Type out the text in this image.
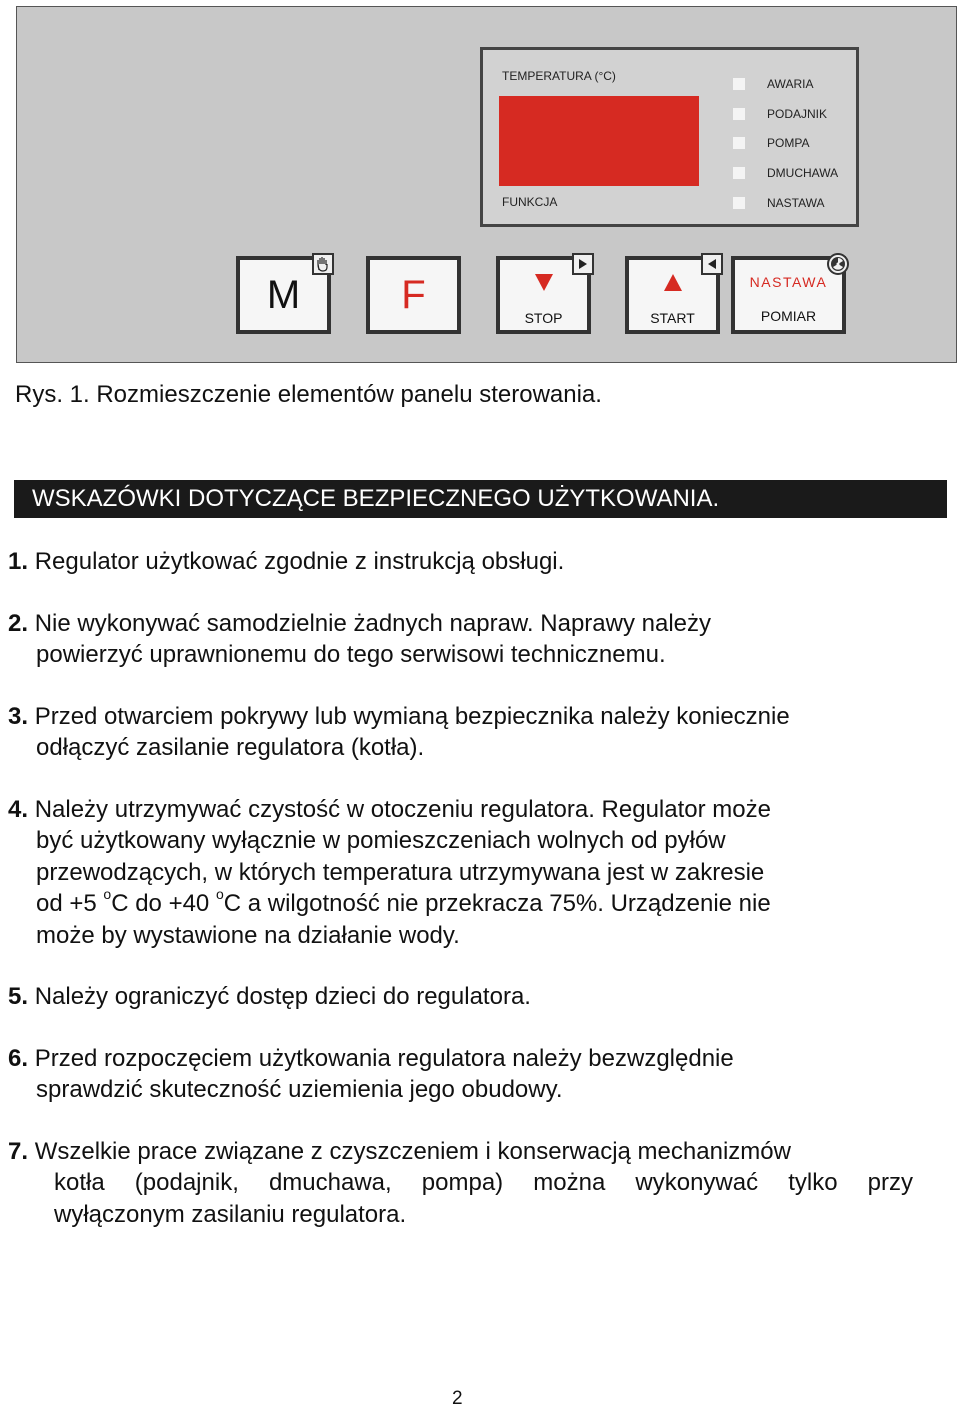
TEMPERATURA (°C)
FUNKCJA
AWARIA
PODAJNIK
POMPA
DMUCHAWA
NASTAWA
M	F
STOP	START
NASTAWA
POMIAR
Rys. 1. Rozmieszczenie elementów panelu sterowania.
WSKAZÓWKI DOTYCZĄCE BEZPIECZNEGO UŻYTKOWANIA.
1. Regulator użytkować zgodnie z instrukcją obsługi.
2. Nie wykonywać samodzielnie żadnych napraw. Naprawy należy
powierzyć uprawnionemu do tego serwisowi technicznemu.
3. Przed otwarciem pokrywy lub wymianą bezpiecznika należy koniecznie
odłączyć zasilanie regulatora (kotła).
4. Należy utrzymywać czystość w otoczeniu regulatora. Regulator może
być użytkowany wyłącznie w pomieszczeniach wolnych od pyłów
przewodzących, w których temperatura utrzymywana jest w zakresie
od +5 $^o$C do +40 $^o$C a wilgotność nie przekracza 75%. Urządzenie nie
może by wystawione na działanie wody.
5. Należy ograniczyć dostęp dzieci do regulatora.
6. Przed rozpoczęciem użytkowania regulatora należy bezwzględnie
sprawdzić skuteczność uziemienia jego obudowy.
7. Wszelkie prace związane z czyszczeniem i konserwacją mechanizmów
kotła (podajnik, dmuchawa, pompa) można wykonywać tylko przy
wyłączonym zasilaniu regulatora.
2
